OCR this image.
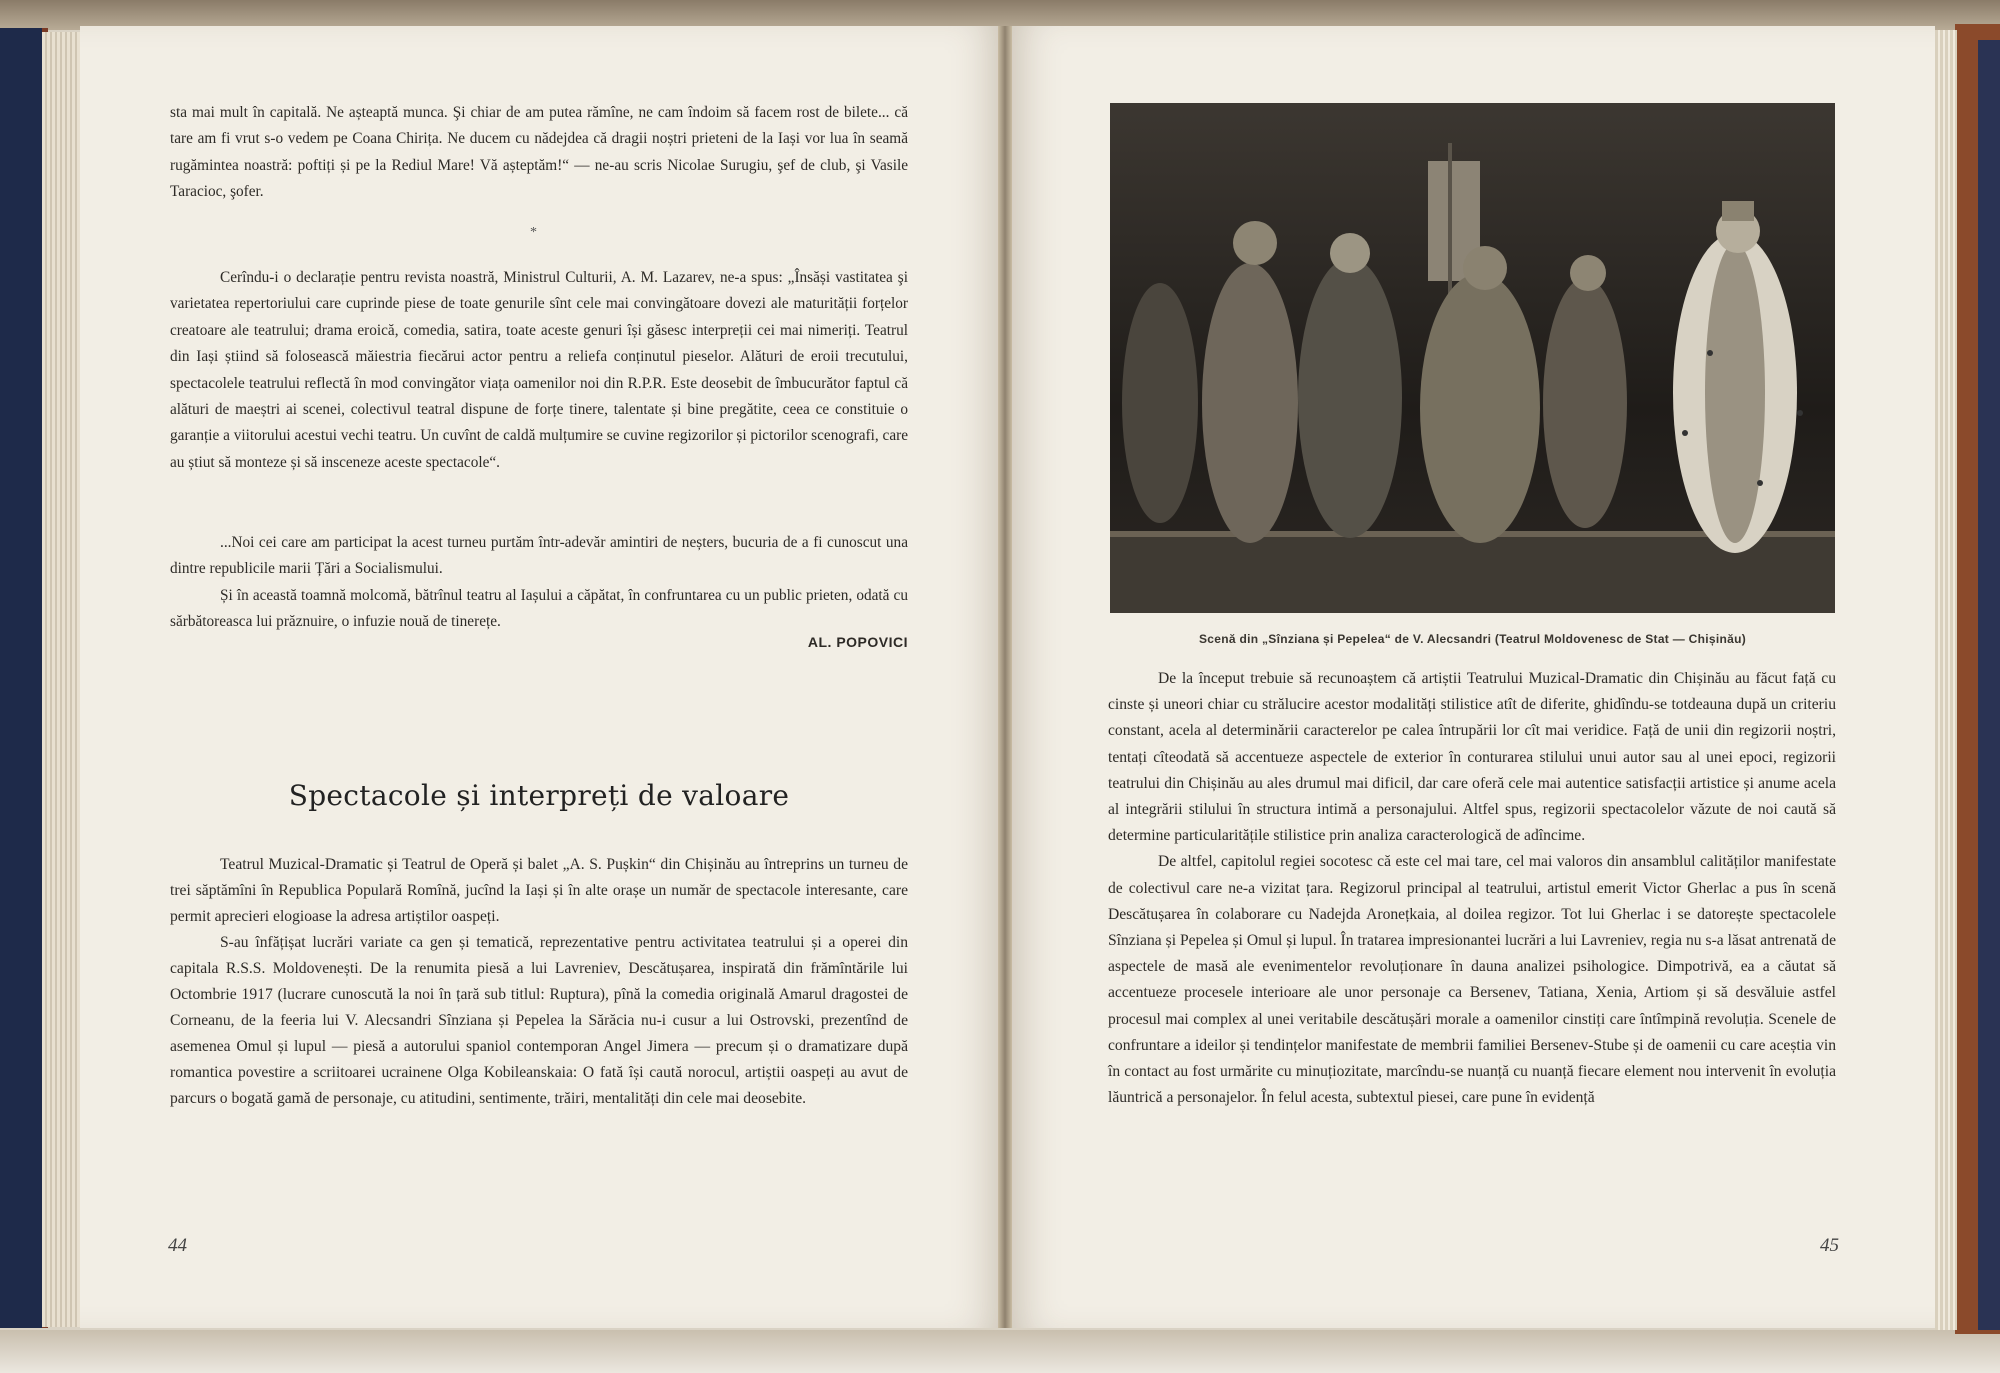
sta mai mult în capitală. Ne așteaptă munca. Şi chiar de am putea rămîne, ne cam îndoim să facem rost de bilete... că tare am fi vrut s-o vedem pe Coana Chirița. Ne ducem cu nădejdea că dragii noștri prieteni de la Iași vor lua în seamă rugămintea noastră: poftiți și pe la Rediul Mare! Vă așteptăm!“ — ne-au scris Nicolae Surugiu, şef de club, şi Vasile Taracioc, şofer.

*

Cerîndu-i o declarație pentru revista noastră, Ministrul Culturii, A. M. Lazarev, ne-a spus: „Însăși vastitatea şi varietatea repertoriului care cuprinde piese de toate genurile sînt cele mai convingătoare dovezi ale maturității forțelor creatoare ale teatrului; drama eroică, comedia, satira, toate aceste genuri își găsesc interpreții cei mai nimeriți. Teatrul din Iași știind să folosească măiestria fiecărui actor pentru a reliefa conținutul pieselor. Alături de eroii trecutului, spectacolele teatrului reflectă în mod convingător viața oamenilor noi din R.P.R. Este deosebit de îmbucurător faptul că alături de maeștri ai scenei, colectivul teatral dispune de forțe tinere, talentate și bine pregătite, ceea ce constituie o garanție a viitorului acestui vechi teatru. Un cuvînt de caldă mulțumire se cuvine regizorilor și pictorilor scenografi, care au știut să monteze și să insceneze aceste spectacole“.

...Noi cei care am participat la acest turneu purtăm într-adevăr amintiri de neșters, bucuria de a fi cunoscut una dintre republicile marii Țări a Socialismului.

Și în această toamnă molcomă, bătrînul teatru al Iașului a căpătat, în confruntarea cu un public prieten, odată cu sărbătoreasca lui prăznuire, o infuzie nouă de tinerețe.

AL. POPOVICI
Spectacole și interpreți de valoare

Teatrul Muzical-Dramatic și Teatrul de Operă și balet „A. S. Pușkin“ din Chișinău au întreprins un turneu de trei săptămîni în Republica Populară Romînă, jucînd la Iași și în alte orașe un număr de spectacole interesante, care permit aprecieri elogioase la adresa artiștilor oaspeți.

S-au înfățișat lucrări variate ca gen și tematică, reprezentative pentru activitatea teatrului și a operei din capitala R.S.S. Moldovenești. De la renumita piesă a lui Lavreniev, Descătușarea, inspirată din frămîntările lui Octombrie 1917 (lucrare cunoscută la noi în țară sub titlul: Ruptura), pînă la comedia originală Amarul dragostei de Corneanu, de la feeria lui V. Alecsandri Sînziana și Pepelea la Sărăcia nu-i cusur a lui Ostrovski, prezentînd de asemenea Omul și lupul — piesă a autorului spaniol contemporan Angel Jimera — precum și o dramatizare după romantica povestire a scriitoarei ucrainene Olga Kobileanskaia: O fată își caută norocul, artiștii oaspeți au avut de parcurs o bogată gamă de personaje, cu atitudini, sentimente, trăiri, mentalități din cele mai deosebite.

44
Scenă din „Sînziana și Pepelea“ de V. Alecsandri (Teatrul Moldovenesc de Stat — Chișinău)

De la început trebuie să recunoaștem că artiștii Teatrului Muzical-Dramatic din Chișinău au făcut față cu cinste și uneori chiar cu strălucire acestor modalități stilistice atît de diferite, ghidîndu-se totdeauna după un criteriu constant, acela al determinării caracterelor pe calea întrupării lor cît mai veridice. Față de unii din regizorii noștri, tentați cîteodată să accentueze aspectele de exterior în conturarea stilului unui autor sau al unei epoci, regizorii teatrului din Chișinău au ales drumul mai dificil, dar care oferă cele mai autentice satisfacții artistice și anume acela al integrării stilului în structura intimă a personajului. Altfel spus, regizorii spectacolelor văzute de noi caută să determine particularitățile stilistice prin analiza caracterologică de adîncime.

De altfel, capitolul regiei socotesc că este cel mai tare, cel mai valoros din ansamblul calităților manifestate de colectivul care ne-a vizitat țara. Regizorul principal al teatrului, artistul emerit Victor Gherlac a pus în scenă Descătușarea în colaborare cu Nadejda Aronețkaia, al doilea regizor. Tot lui Gherlac i se datorește spectacolele Sînziana și Pepelea și Omul și lupul. În tratarea impresionantei lucrări a lui Lavreniev, regia nu s-a lăsat antrenată de aspectele de masă ale evenimentelor revoluționare în dauna analizei psihologice. Dimpotrivă, ea a căutat să accentueze procesele interioare ale unor personaje ca Bersenev, Tatiana, Xenia, Artiom și să desvăluie astfel procesul mai complex al unei veritabile descătușări morale a oamenilor cinstiți care întîmpină revoluția. Scenele de confruntare a ideilor și tendințelor manifestate de membrii familiei Bersenev-Stube și de oamenii cu care aceștia vin în contact au fost urmărite cu minuțiozitate, marcîndu-se nuanță cu nuanță fiecare element nou intervenit în evoluția lăuntrică a personajelor. În felul acesta, subtextul piesei, care pune în evidență

45
